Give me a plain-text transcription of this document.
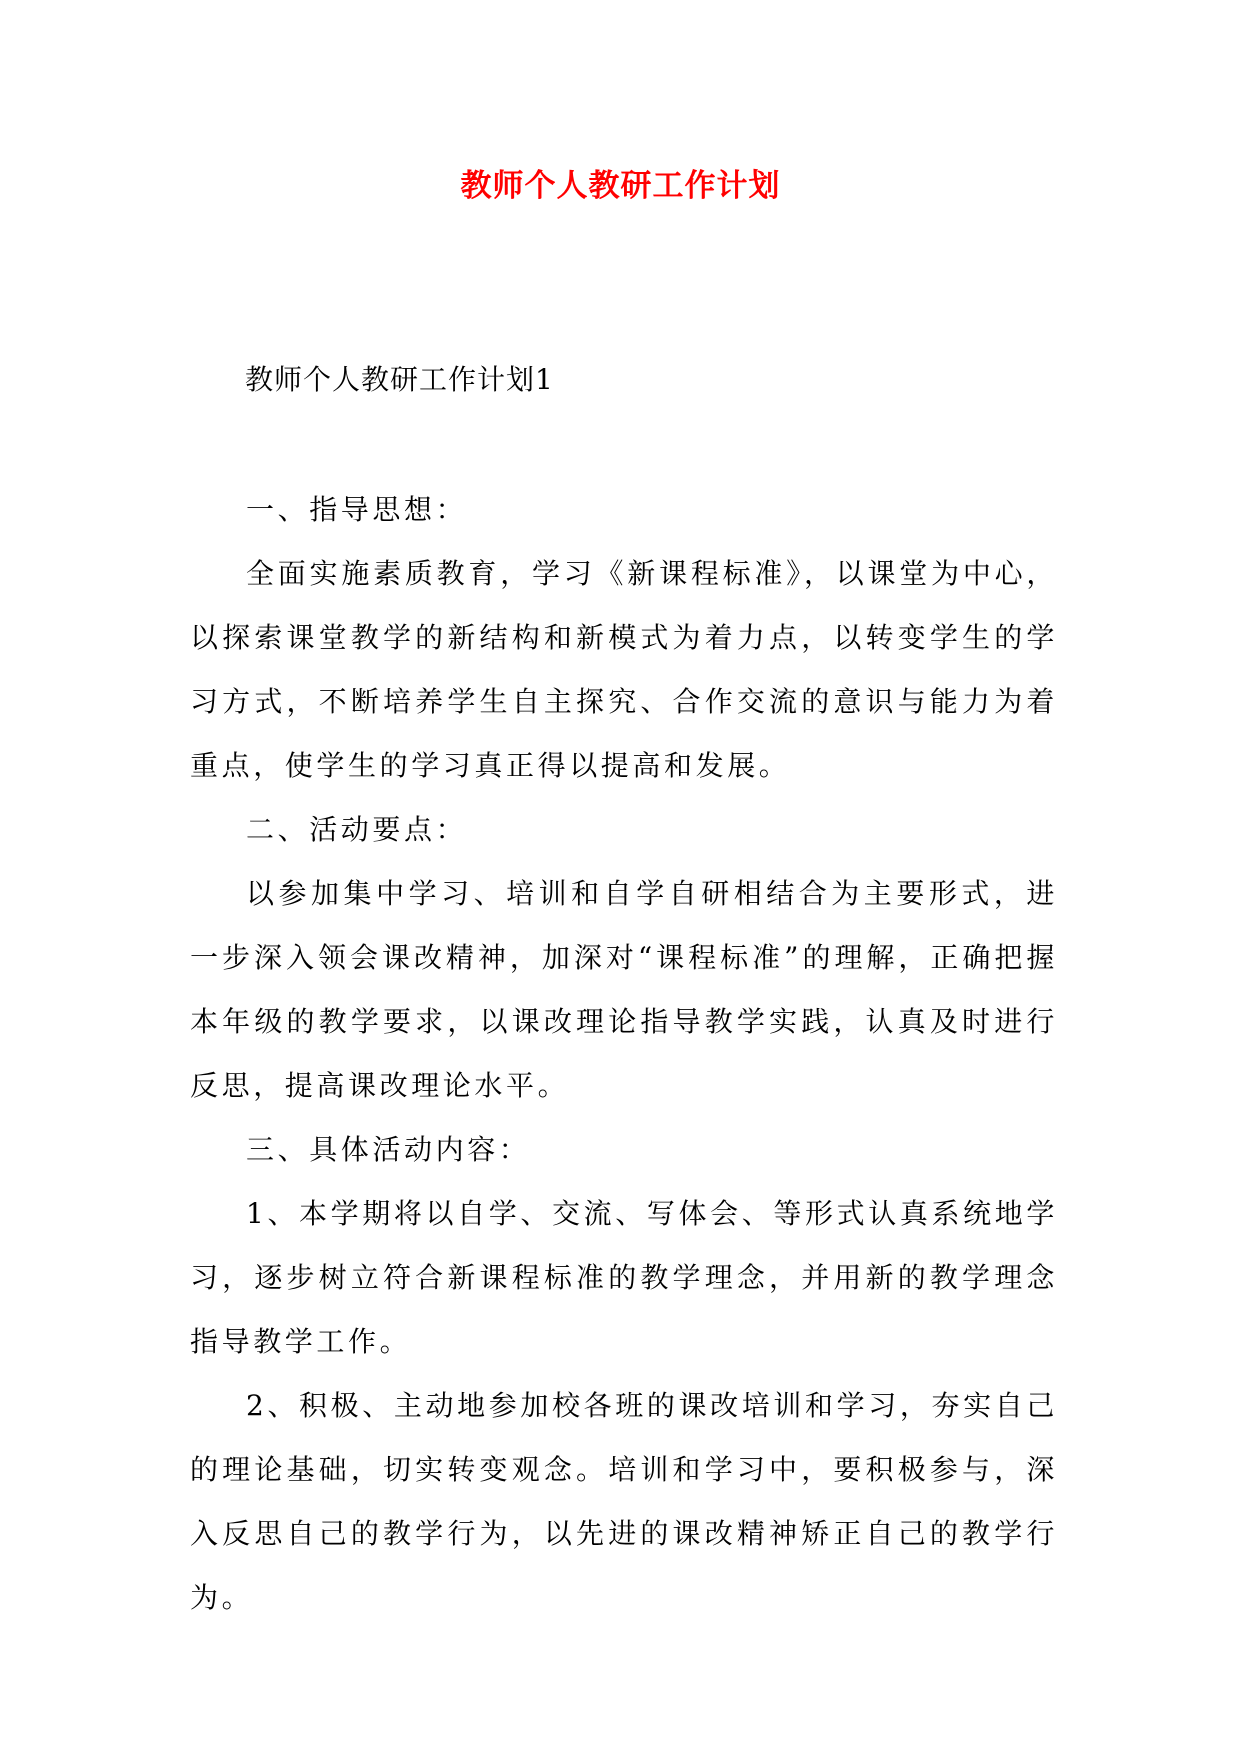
教师个人教研工作计划
教师个人教研工作计划1

一、指导思想：

全面实施素质教育，学习《新课程标准》，以课堂为中心，以探索课堂教学的新结构和新模式为着力点，以转变学生的学习方式，不断培养学生自主探究、合作交流的意识与能力为着重点，使学生的学习真正得以提高和发展。

二、活动要点：

以参加集中学习、培训和自学自研相结合为主要形式，进一步深入领会课改精神，加深对“课程标准”的理解，正确把握本年级的教学要求，以课改理论指导教学实践，认真及时进行反思，提高课改理论水平。

三、具体活动内容：

1、本学期将以自学、交流、写体会、等形式认真系统地学习，逐步树立符合新课程标准的教学理念，并用新的教学理念指导教学工作。

2、积极、主动地参加校各班的课改培训和学习，夯实自己的理论基础，切实转变观念。培训和学习中，要积极参与，深入反思自己的教学行为，以先进的课改精神矫正自己的教学行为。
